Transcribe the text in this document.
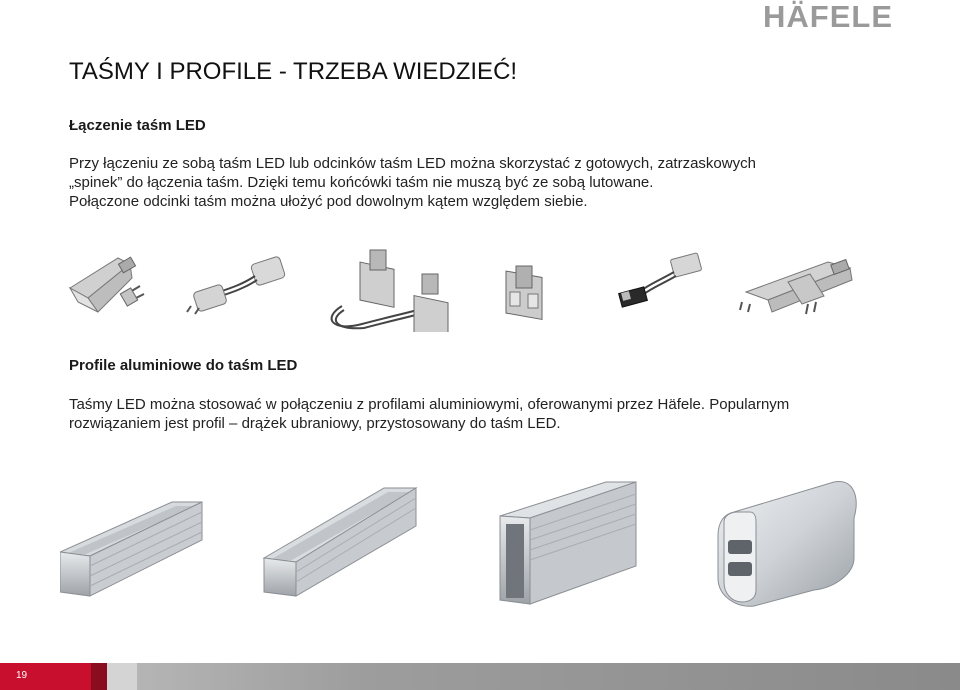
HÄFELE
TAŚMY I PROFILE - TRZEBA WIEDZIEĆ!
Łączenie taśm LED

Przy łączeniu ze sobą taśm LED lub odcinków taśm LED można skorzystać z gotowych, zatrzaskowych

„spinek” do łączenia taśm. Dzięki temu końcówki taśm nie muszą być ze sobą lutowane.

Połączone odcinki taśm można ułożyć pod dowolnym kątem względem siebie.

Profile aluminiowe do taśm LED

Taśmy LED można stosować w połączeniu z profilami aluminiowymi, oferowanymi przez Häfele. Popularnym

rozwiązaniem jest profil – drążek ubraniowy, przystosowany do taśm LED.

19
